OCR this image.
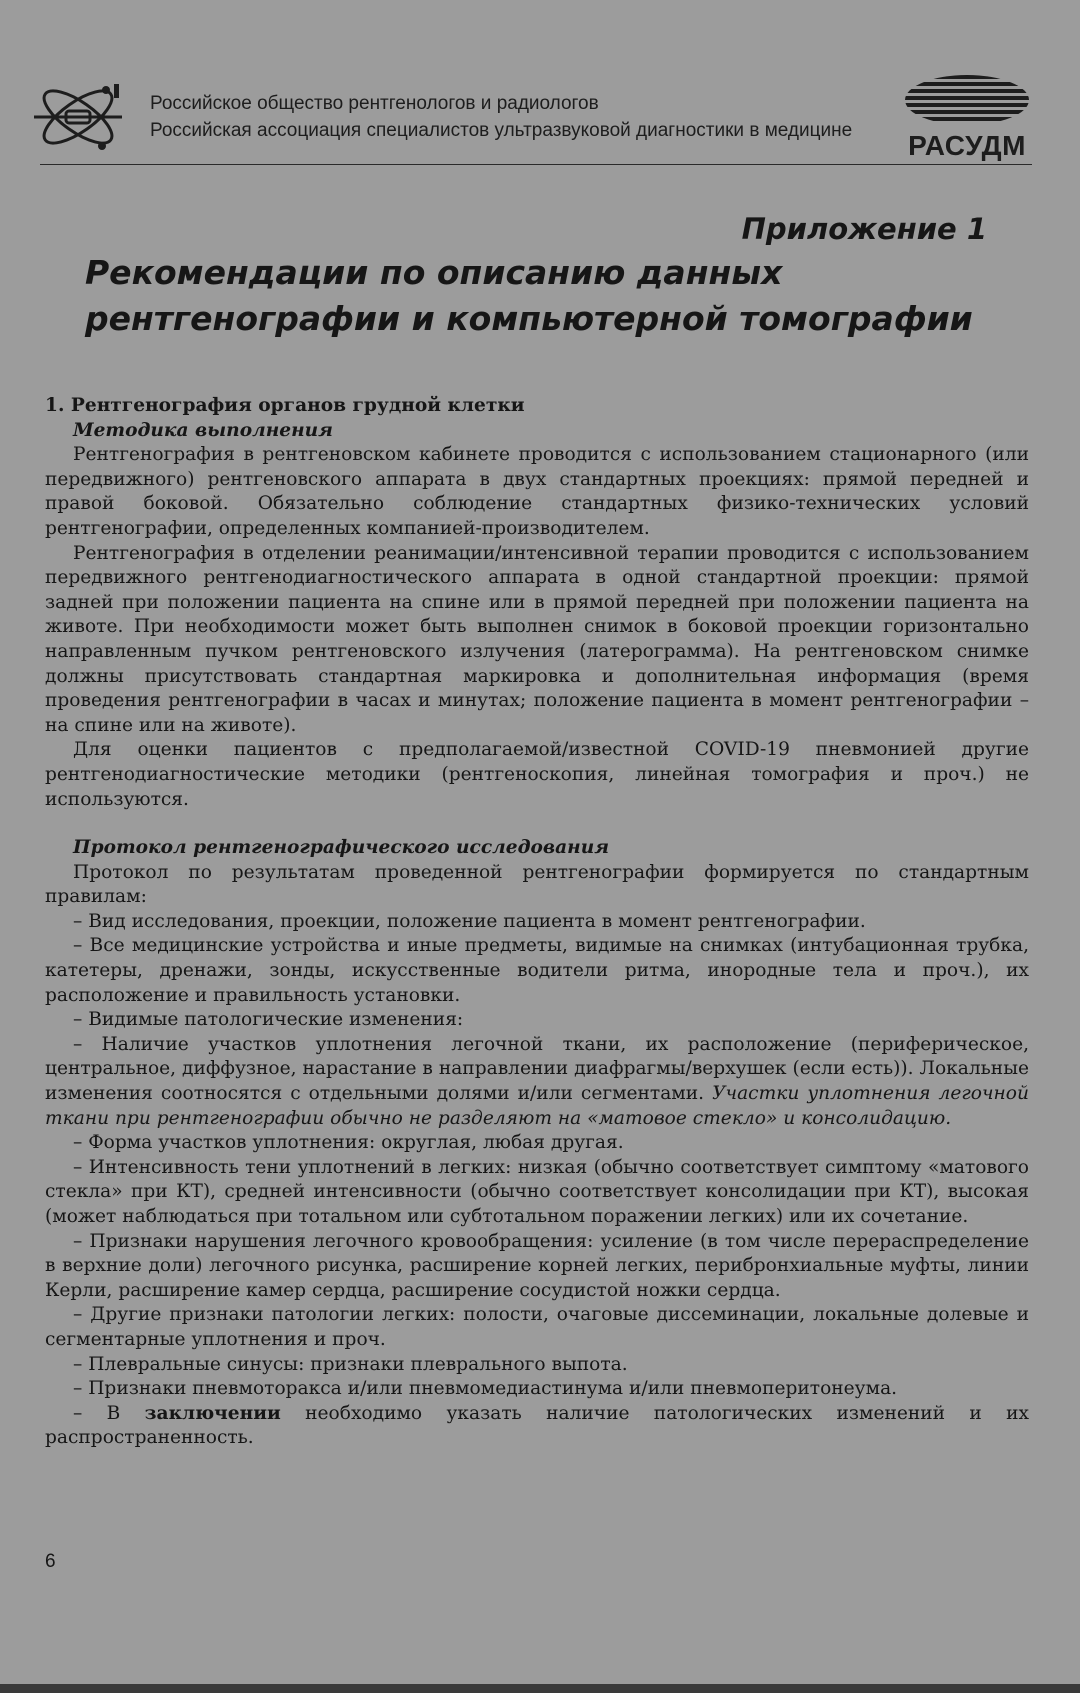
Российское общество рентгенологов и радиологов
Российская ассоциация специалистов ультразвуковой диагностики в медицине РАСУДМ
Приложение 1
Рекомендации по описанию данных
рентгенографии и компьютерной томографии

1. Рентгенография органов грудной клетки

Методика выполнения

Рентгенография в рентгеновском кабинете проводится с использованием стационарного (или передвижного) рентгеновского аппарата в двух стандартных проекциях: прямой передней и правой боковой. Обязательно соблюдение стандартных физико-технических условий рентгенографии, определенных компанией-производителем.

Рентгенография в отделении реанимации/интенсивной терапии проводится с использованием передвижного рентгенодиагностического аппарата в одной стандартной проекции: прямой задней при положении пациента на спине или в прямой передней при положении пациента на животе. При необходимости может быть выполнен снимок в боковой проекции горизонтально направленным пучком рентгеновского излучения (латерограмма). На рентгеновском снимке должны присутствовать стандартная маркировка и дополнительная информация (время проведения рентгенографии в часах и минутах; положение пациента в момент рентгенографии – на спине или на животе).

Для оценки пациентов с предполагаемой/известной COVID-19 пневмонией другие рентгенодиагностические методики (рентгеноскопия, линейная томография и проч.) не используются.

Протокол рентгенографического исследования

Протокол по результатам проведенной рентгенографии формируется по стандартным правилам:

– Вид исследования, проекции, положение пациента в момент рентгенографии.

– Все медицинские устройства и иные предметы, видимые на снимках (интубационная трубка, катетеры, дренажи, зонды, искусственные водители ритма, инородные тела и проч.), их расположение и правильность установки.

– Видимые патологические изменения:

– Наличие участков уплотнения легочной ткани, их расположение (периферическое, центральное, диффузное, нарастание в направлении диафрагмы/верхушек (если есть)). Локальные изменения соотносятся с отдельными долями и/или сегментами. Участки уплотнения легочной ткани при рентгенографии обычно не разделяют на «матовое стекло» и консолидацию.

– Форма участков уплотнения: округлая, любая другая.

– Интенсивность тени уплотнений в легких: низкая (обычно соответствует симптому «матового стекла» при КТ), средней интенсивности (обычно соответствует консолидации при КТ), высокая (может наблюдаться при тотальном или субтотальном поражении легких) или их сочетание.

– Признаки нарушения легочного кровообращения: усиление (в том числе перераспределение в верхние доли) легочного рисунка, расширение корней легких, перибронхиальные муфты, линии Керли, расширение камер сердца, расширение сосудистой ножки сердца.

– Другие признаки патологии легких: полости, очаговые диссеминации, локальные долевые и сегментарные уплотнения и проч.

– Плевральные синусы: признаки плеврального выпота.

– Признаки пневмоторакса и/или пневмомедиастинума и/или пневмоперитонеума.

– В заключении необходимо указать наличие патологических изменений и их распространенность.

6
